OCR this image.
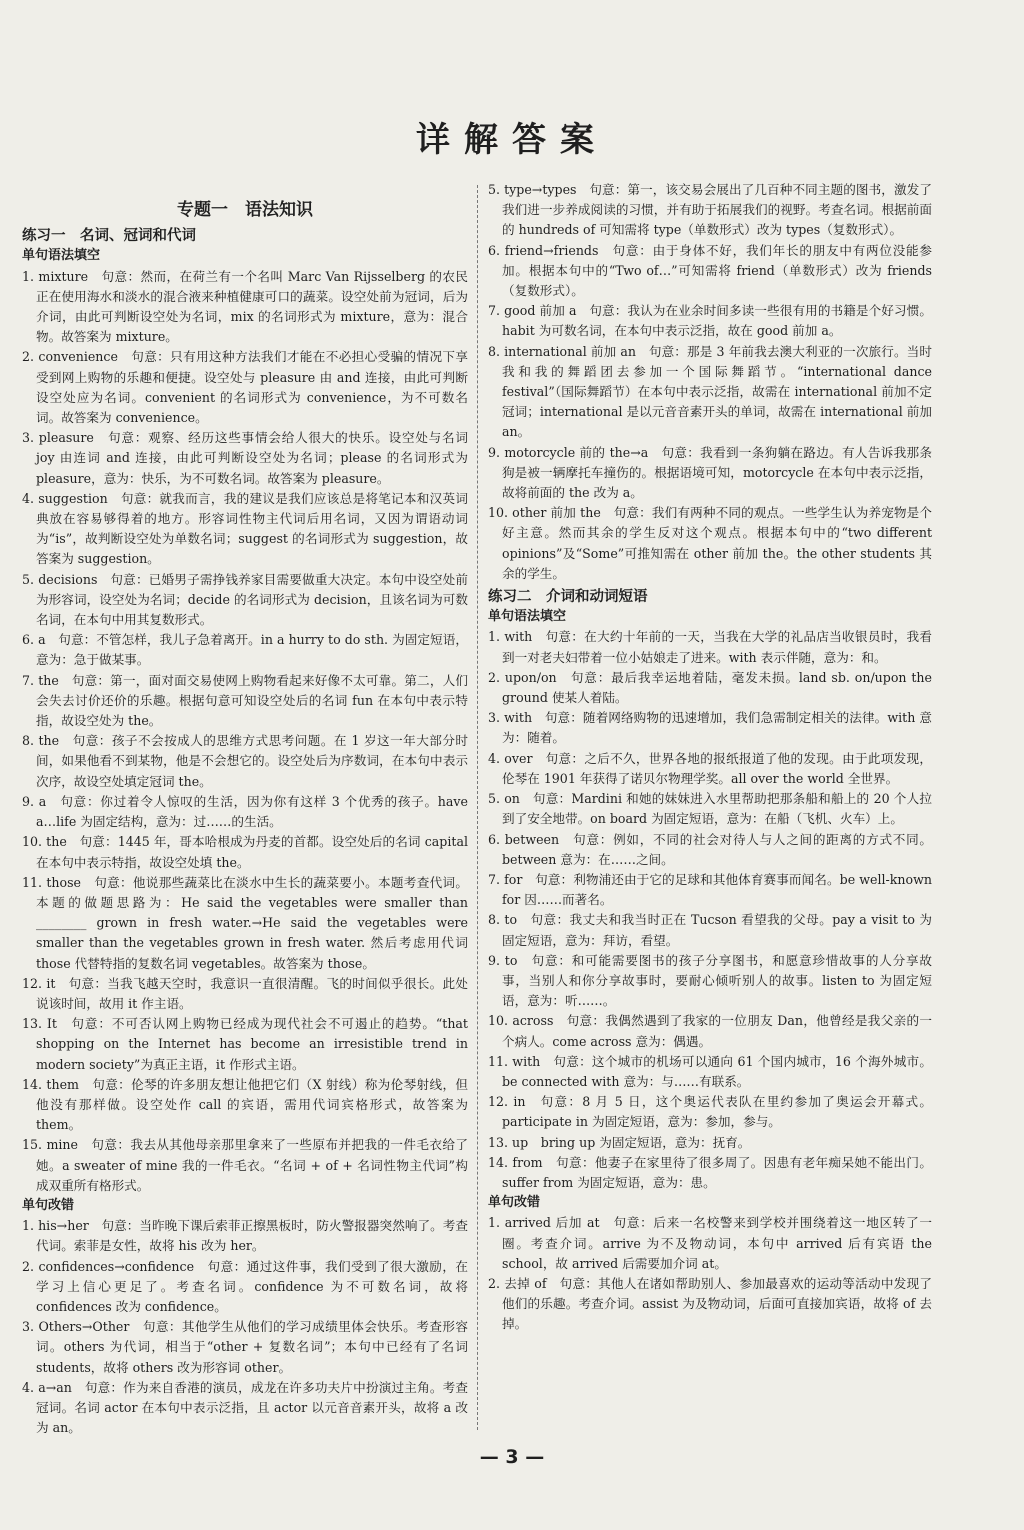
详解答案
专题一　语法知识
练习一　名词、冠词和代词
单句语法填空

1. mixture　句意：然而，在荷兰有一个名叫 Marc Van Rijsselberg 的农民正在使用海水和淡水的混合液来种植健康可口的蔬菜。设空处前为冠词，后为介词，由此可判断设空处为名词，mix 的名词形式为 mixture，意为：混合物。故答案为 mixture。

2. convenience　句意：只有用这种方法我们才能在不必担心受骗的情况下享受到网上购物的乐趣和便捷。设空处与 pleasure 由 and 连接，由此可判断设空处应为名词。convenient 的名词形式为 convenience，为不可数名词。故答案为 convenience。

3. pleasure　句意：观察、经历这些事情会给人很大的快乐。设空处与名词 joy 由连词 and 连接，由此可判断设空处为名词；please 的名词形式为 pleasure，意为：快乐，为不可数名词。故答案为 pleasure。

4. suggestion　句意：就我而言，我的建议是我们应该总是将笔记本和汉英词典放在容易够得着的地方。形容词性物主代词后用名词，又因为谓语动词为“is”，故判断设空处为单数名词；suggest 的名词形式为 suggestion，故答案为 suggestion。

5. decisions　句意：已婚男子需挣钱养家目需要做重大决定。本句中设空处前为形容词，设空处为名词；decide 的名词形式为 decision，且该名词为可数名词，在本句中用其复数形式。

6. a　句意：不管怎样，我儿子急着离开。in a hurry to do sth. 为固定短语，意为：急于做某事。

7. the　句意：第一，面对面交易使网上购物看起来好像不太可靠。第二，人们会失去讨价还价的乐趣。根据句意可知设空处后的名词 fun 在本句中表示特指，故设空处为 the。

8. the　句意：孩子不会按成人的思维方式思考问题。在 1 岁这一年大部分时间，如果他看不到某物，他是不会想它的。设空处后为序数词，在本句中表示次序，故设空处填定冠词 the。

9. a　句意：你过着令人惊叹的生活，因为你有这样 3 个优秀的孩子。have a…life 为固定结构，意为：过……的生活。

10. the　句意：1445 年，哥本哈根成为丹麦的首都。设空处后的名词 capital 在本句中表示特指，故设空处填 the。

11. those　句意：他说那些蔬菜比在淡水中生长的蔬菜要小。本题考查代词。本题的做题思路为：He said the vegetables were smaller than ________ grown in fresh water.→He said the vegetables were smaller than the vegetables grown in fresh water. 然后考虑用代词 those 代替特指的复数名词 vegetables。故答案为 those。

12. it　句意：当我飞越天空时，我意识一直很清醒。飞的时间似乎很长。此处说该时间，故用 it 作主语。

13. It　句意：不可否认网上购物已经成为现代社会不可遏止的趋势。“that shopping on the Internet has become an irresistible trend in modern society”为真正主语，it 作形式主语。

14. them　句意：伦琴的许多朋友想让他把它们（X 射线）称为伦琴射线，但他没有那样做。设空处作 call 的宾语，需用代词宾格形式，故答案为 them。

15. mine　句意：我去从其他母亲那里拿来了一些原布并把我的一件毛衣给了她。a sweater of mine 我的一件毛衣。“名词 + of + 名词性物主代词”构成双重所有格形式。

单句改错

1. his→her　句意：当昨晚下课后索菲正擦黑板时，防火警报器突然响了。考查代词。索菲是女性，故将 his 改为 her。

2. confidences→confidence　句意：通过这件事，我们受到了很大激励，在学习上信心更足了。考查名词。confidence 为不可数名词，故将 confidences 改为 confidence。

3. Others→Other　句意：其他学生从他们的学习成绩里体会快乐。考查形容词。others 为代词，相当于“other + 复数名词”；本句中已经有了名词 students，故将 others 改为形容词 other。

4. a→an　句意：作为来自香港的演员，成龙在许多功夫片中扮演过主角。考查冠词。名词 actor 在本句中表示泛指，且 actor 以元音音素开头，故将 a 改为 an。

5. type→types　句意：第一，该交易会展出了几百种不同主题的图书，激发了我们进一步养成阅读的习惯，并有助于拓展我们的视野。考查名词。根据前面的 hundreds of 可知需将 type（单数形式）改为 types（复数形式）。

6. friend→friends　句意：由于身体不好，我们年长的朋友中有两位没能参加。根据本句中的“Two of…”可知需将 friend（单数形式）改为 friends（复数形式）。

7. good 前加 a　句意：我认为在业余时间多读一些很有用的书籍是个好习惯。habit 为可数名词，在本句中表示泛指，故在 good 前加 a。

8. international 前加 an　句意：那是 3 年前我去澳大利亚的一次旅行。当时我和我的舞蹈团去参加一个国际舞蹈节。“international dance festival”（国际舞蹈节）在本句中表示泛指，故需在 international 前加不定冠词；international 是以元音音素开头的单词，故需在 international 前加 an。

9. motorcycle 前的 the→a　句意：我看到一条狗躺在路边。有人告诉我那条狗是被一辆摩托车撞伤的。根据语境可知，motorcycle 在本句中表示泛指，故将前面的 the 改为 a。

10. other 前加 the　句意：我们有两种不同的观点。一些学生认为养宠物是个好主意。然而其余的学生反对这个观点。根据本句中的“two different opinions”及“Some”可推知需在 other 前加 the。the other students 其余的学生。

练习二　介词和动词短语
单句语法填空

1. with　句意：在大约十年前的一天，当我在大学的礼品店当收银员时，我看到一对老夫妇带着一位小姑娘走了进来。with 表示伴随，意为：和。

2. upon/on　句意：最后我幸运地着陆，毫发未损。land sb. on/upon the ground 使某人着陆。

3. with　句意：随着网络购物的迅速增加，我们急需制定相关的法律。with 意为：随着。

4. over　句意：之后不久，世界各地的报纸报道了他的发现。由于此项发现，伦琴在 1901 年获得了诺贝尔物理学奖。all over the world 全世界。

5. on　句意：Mardini 和她的妹妹进入水里帮助把那条船和船上的 20 个人拉到了安全地带。on board 为固定短语，意为：在船（飞机、火车）上。

6. between　句意：例如，不同的社会对待人与人之间的距离的方式不同。between 意为：在……之间。

7. for　句意：利物浦还由于它的足球和其他体育赛事而闻名。be well-known for 因……而著名。

8. to　句意：我丈夫和我当时正在 Tucson 看望我的父母。pay a visit to 为固定短语，意为：拜访，看望。

9. to　句意：和可能需要图书的孩子分享图书，和愿意珍惜故事的人分享故事，当别人和你分享故事时，要耐心倾听别人的故事。listen to 为固定短语，意为：听……。

10. across　句意：我偶然遇到了我家的一位朋友 Dan，他曾经是我父亲的一个病人。come across 意为：偶遇。

11. with　句意：这个城市的机场可以通向 61 个国内城市，16 个海外城市。be connected with 意为：与……有联系。

12. in　句意：8 月 5 日，这个奥运代表队在里约参加了奥运会开幕式。participate in 为固定短语，意为：参加，参与。

13. up　bring up 为固定短语，意为：抚育。

14. from　句意：他妻子在家里待了很多周了。因患有老年痴呆她不能出门。suffer from 为固定短语，意为：患。

单句改错

1. arrived 后加 at　句意：后来一名校警来到学校并围绕着这一地区转了一圈。考查介词。arrive 为不及物动词，本句中 arrived 后有宾语 the school，故 arrived 后需要加介词 at。

2. 去掉 of　句意：其他人在诸如帮助别人、参加最喜欢的运动等活动中发现了他们的乐趣。考查介词。assist 为及物动词，后面可直接加宾语，故将 of 去掉。

— 3 —
